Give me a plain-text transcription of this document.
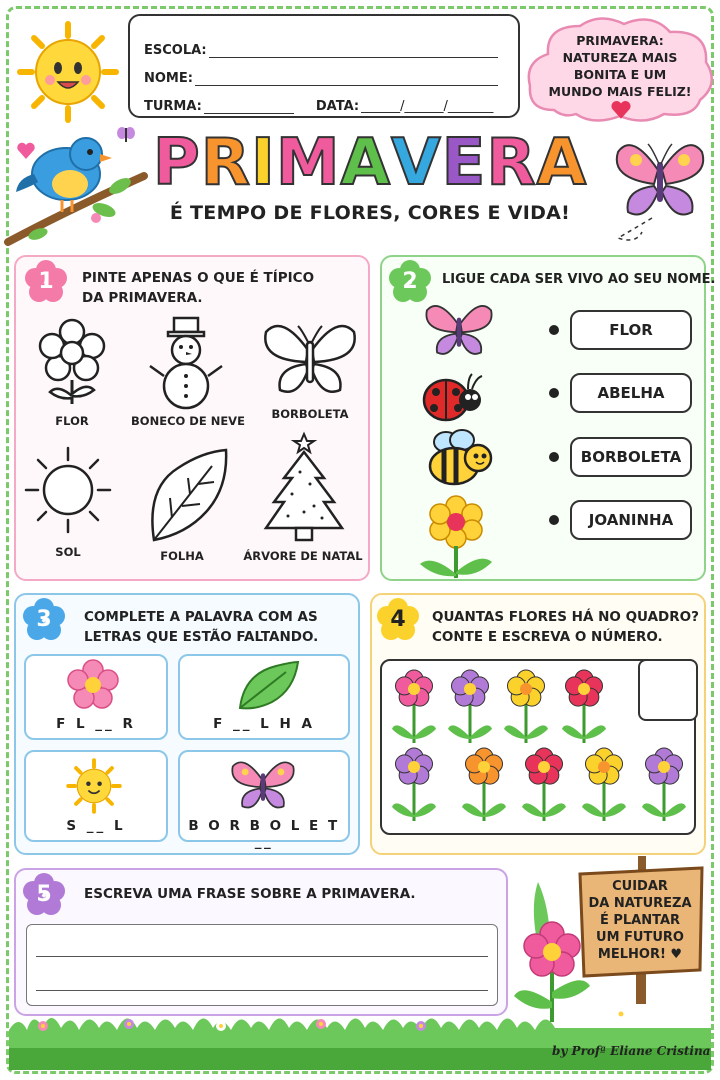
ESCOLA:
NOME:
TURMA:	DATA: ______/______/_______
PRIMAVERA:
NATUREZA MAIS
BONITA E UM
MUNDO MAIS FELIZ!
PRIMAVERA
É TEMPO DE FLORES, CORES E VIDA!
1	PINTE APENAS O QUE É TÍPICO
DA PRIMAVERA.
FLOR	BONECO DE NEVE	BORBOLETA
SOL	FOLHA	ÁRVORE DE NATAL
2	LIGUE CADA SER VIVO AO SEU NOME.
FLOR
ABELHA
BORBOLETA
JOANINHA
3	COMPLETE A PALAVRA COM AS
LETRAS QUE ESTÃO FALTANDO.
F L __ R	F __ L H A
S __ L	B O R B O L E T __
4	QUANTAS FLORES HÁ NO QUADRO?
CONTE E ESCREVA O NÚMERO.
5	ESCREVA UMA FRASE SOBRE A PRIMAVERA.	CUIDAR
DA NATUREZA
É PLANTAR
UM FUTURO
MELHOR! ♥
by Profª Eliane Cristina
